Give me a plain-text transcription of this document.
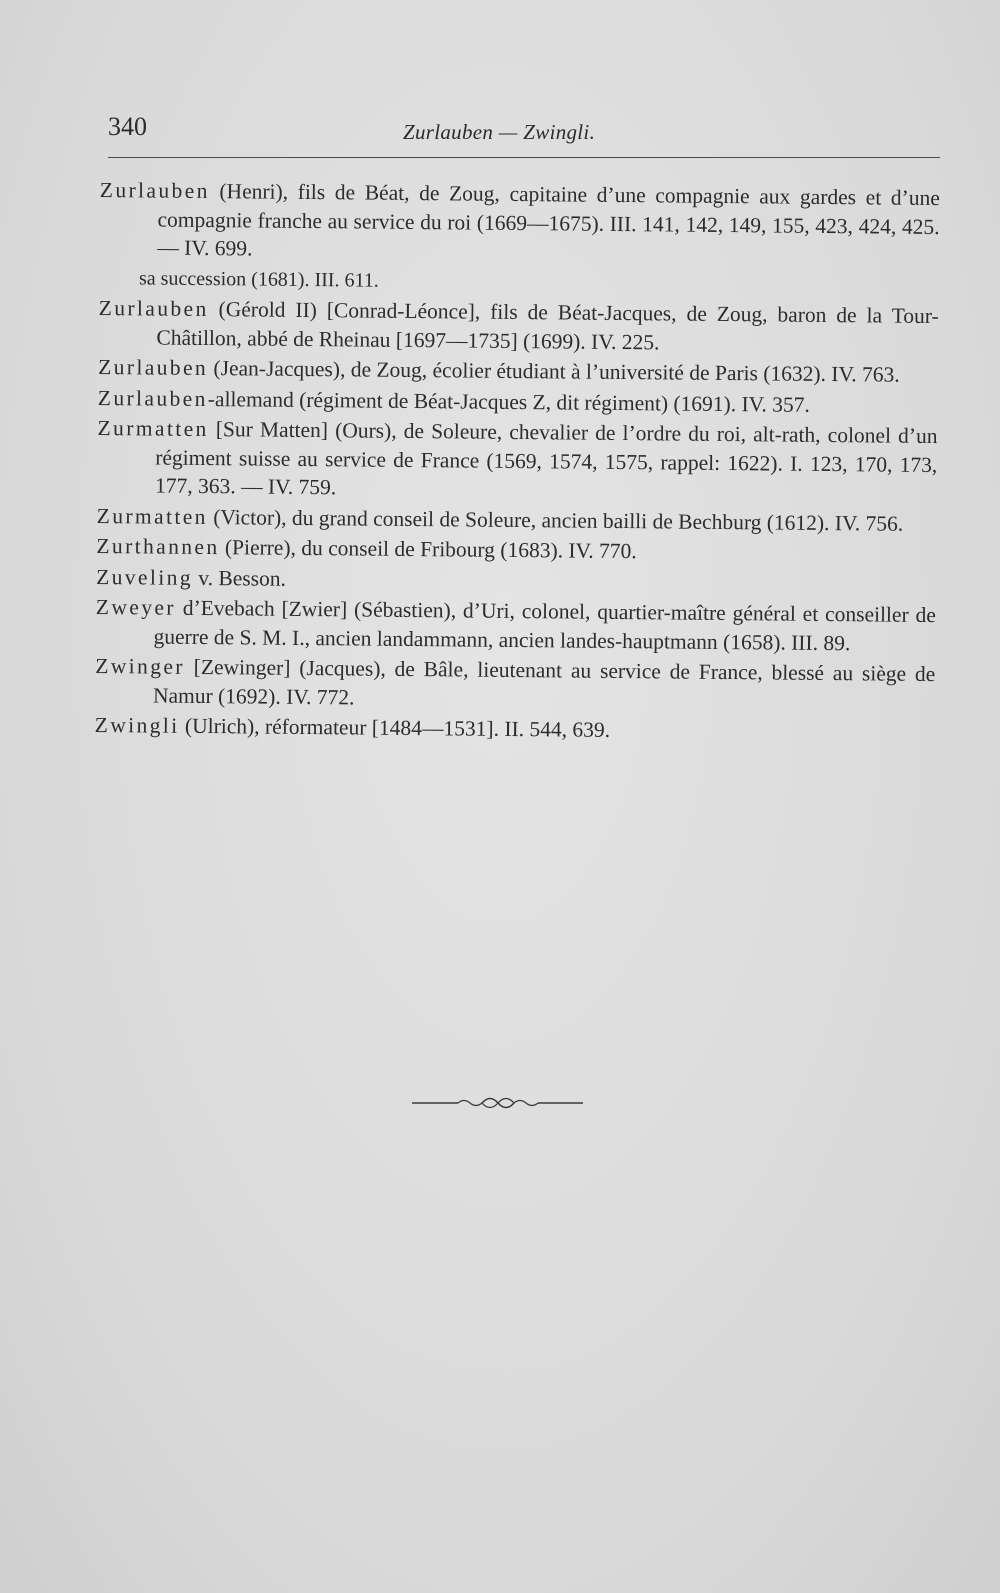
340	Zurlauben — Zwingli.

Zurlauben (Henri), fils de Béat, de Zoug, capitaine d’une compagnie aux gardes et d’une compagnie franche au service du roi (1669—1675). III. 141, 142, 149, 155, 423, 424, 425. — IV. 699.

sa succession (1681). III. 611.

Zurlauben (Gérold II) [Conrad-Léonce], fils de Béat-Jacques, de Zoug, baron de la Tour-Châtillon, abbé de Rheinau [1697—1735] (1699). IV. 225.

Zurlauben (Jean-Jacques), de Zoug, écolier étudiant à l’université de Paris (1632). IV. 763.

Zurlauben-allemand (régiment de Béat-Jacques Z, dit régiment) (1691). IV. 357.

Zurmatten [Sur Matten] (Ours), de Soleure, chevalier de l’ordre du roi, alt-rath, colonel d’un régiment suisse au service de France (1569, 1574, 1575, rappel: 1622). I. 123, 170, 173, 177, 363. — IV. 759.

Zurmatten (Victor), du grand conseil de Soleure, ancien bailli de Bechburg (1612). IV. 756.

Zurthannen (Pierre), du conseil de Fribourg (1683). IV. 770.

Zuveling v. Besson.

Zweyer d’Evebach [Zwier] (Sébastien), d’Uri, colonel, quartier-maître général et conseiller de guerre de S. M. I., ancien landammann, ancien landes-hauptmann (1658). III. 89.

Zwinger [Zewinger] (Jacques), de Bâle, lieutenant au service de France, blessé au siège de Namur (1692). IV. 772.

Zwingli (Ulrich), réformateur [1484—1531]. II. 544, 639.
